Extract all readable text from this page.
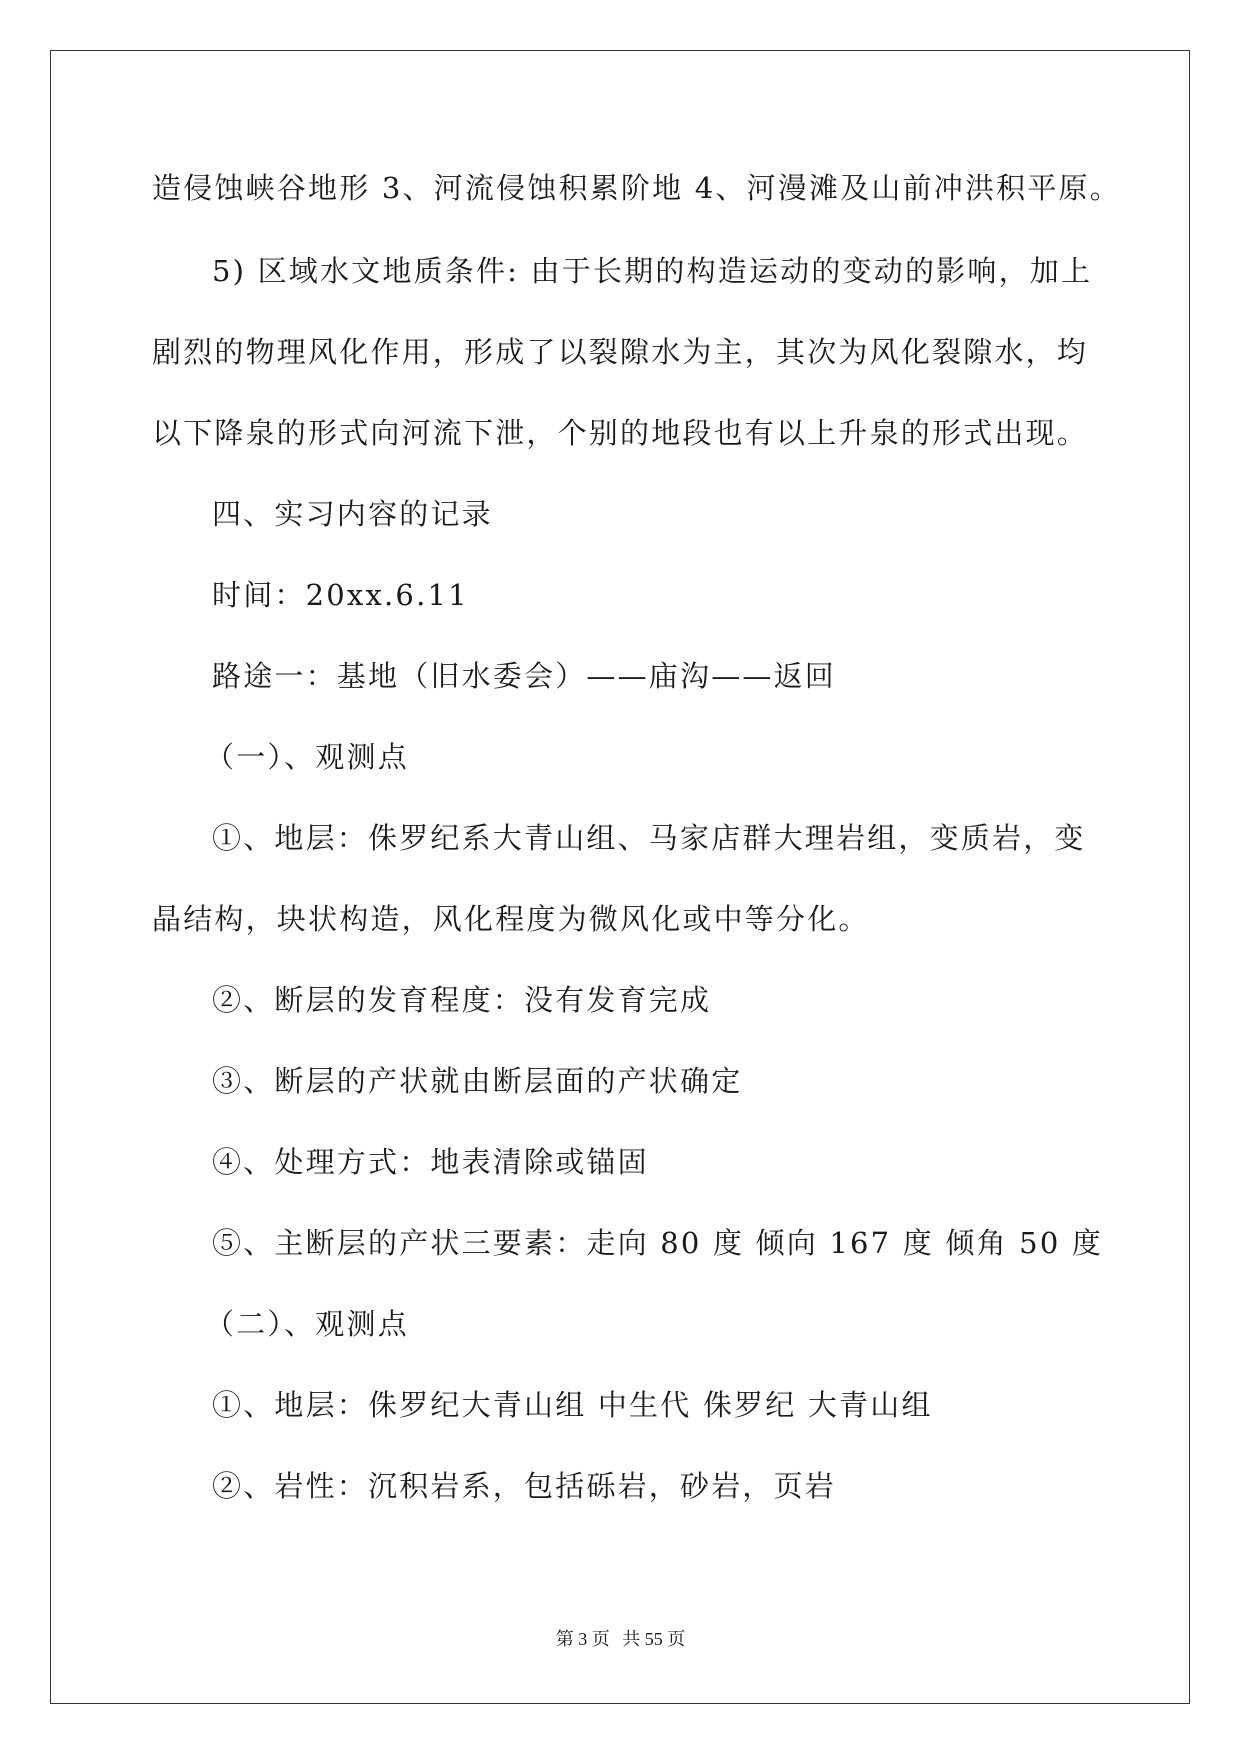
造侵蚀峡谷地形 3、河流侵蚀积累阶地 4、河漫滩及山前冲洪积平原。
5) 区域水文地质条件: 由于长期的构造运动的变动的影响，加上
剧烈的物理风化作用，形成了以裂隙水为主，其次为风化裂隙水，均
以下降泉的形式向河流下泄，个别的地段也有以上升泉的形式出现。
四、实习内容的记录
时间：20xx.6.11
路途一：基地（旧水委会）——庙沟——返回
（一）、观测点
①、地层：侏罗纪系大青山组、马家店群大理岩组，变质岩，变
晶结构，块状构造，风化程度为微风化或中等分化。
②、断层的发育程度：没有发育完成
③、断层的产状就由断层面的产状确定
④、处理方式：地表清除或锚固
⑤、主断层的产状三要素：走向 80 度 倾向 167 度 倾角 50 度
（二）、观测点
①、地层：侏罗纪大青山组 中生代 侏罗纪 大青山组
②、岩性：沉积岩系，包括砾岩，砂岩，页岩
第 3 页 共 55 页
